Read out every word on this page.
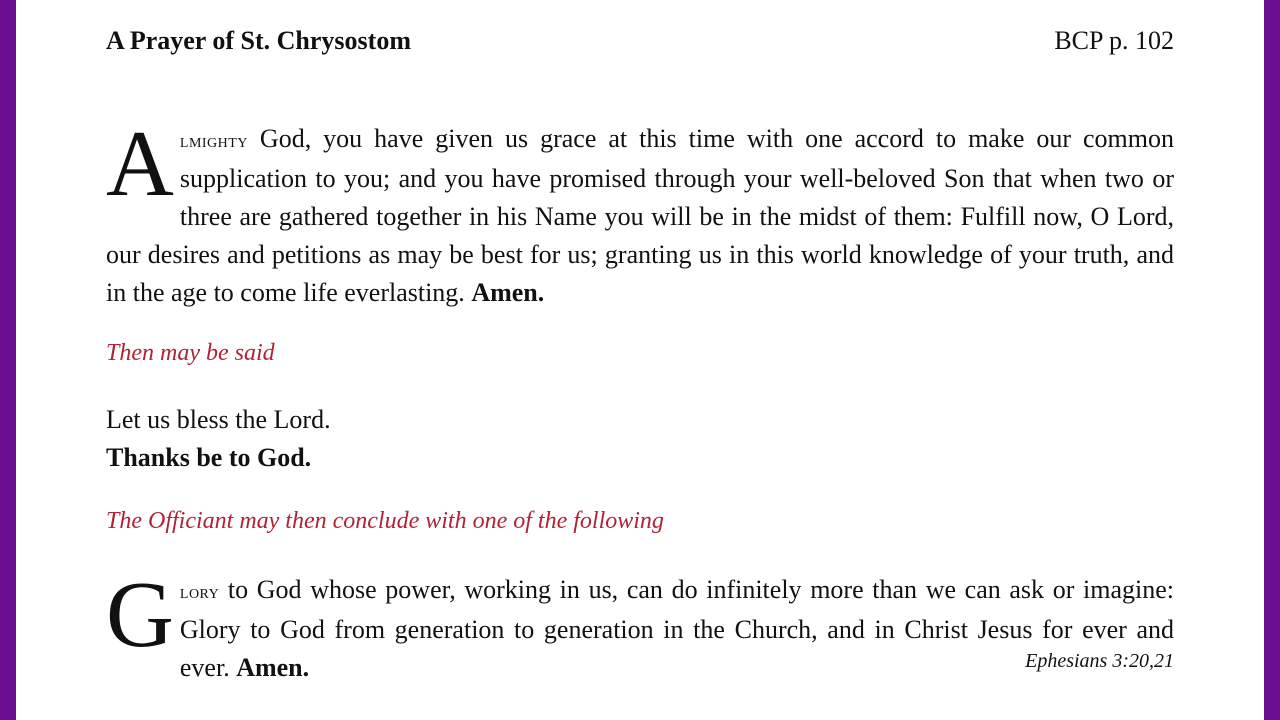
A Prayer of St. Chrysostom	BCP p. 102
Almighty God, you have given us grace at this time with one accord to make our common supplication to you; and you have promised through your well-beloved Son that when two or three are gathered together in his Name you will be in the midst of them: Fulfill now, O Lord, our desires and petitions as may be best for us; granting us in this world knowledge of your truth, and in the age to come life everlasting. Amen.
Then may be said
Let us bless the Lord.
Thanks be to God.
The Officiant may then conclude with one of the following
Glory to God whose power, working in us, can do infinitely more than we can ask or imagine: Glory to God from generation to generation in the Church, and in Christ Jesus for ever and ever. Amen.	Ephesians 3:20,21
